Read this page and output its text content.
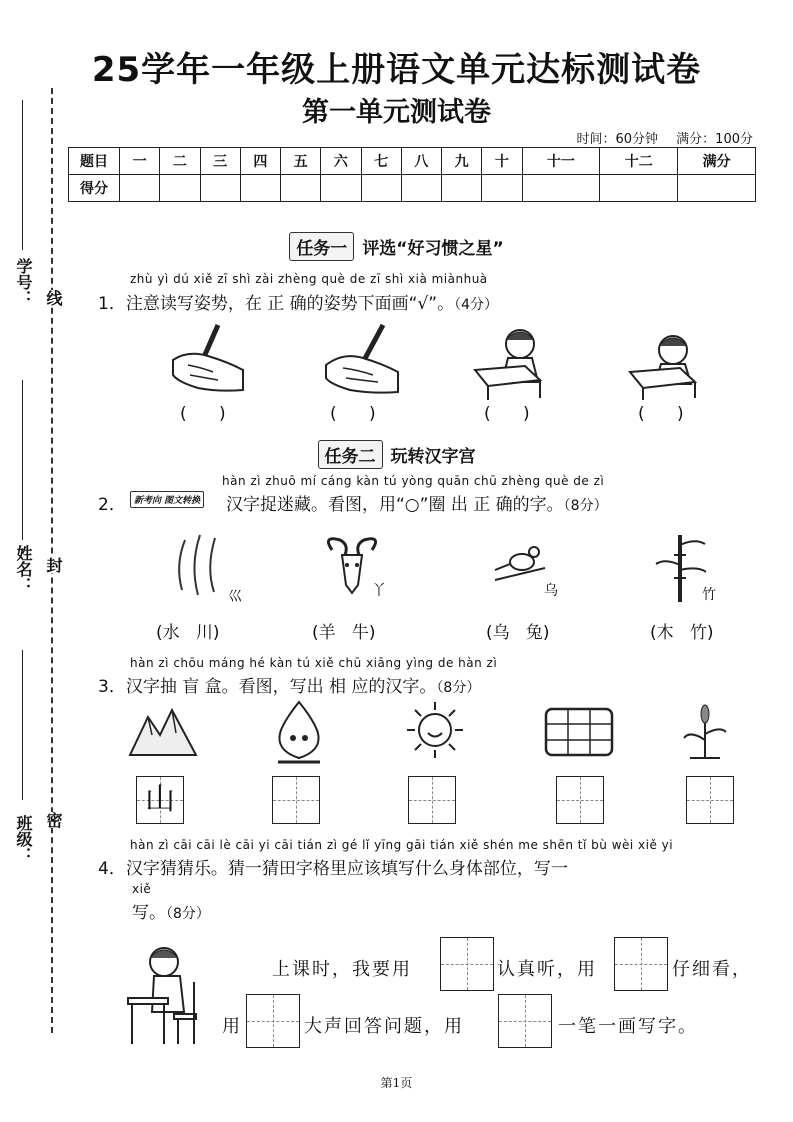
学号： 线
姓名： 封
班级： 密
25学年一年级上册语文单元达标测试卷
第一单元测试卷
时间：60分钟 满分：100分
题目	一	二	三	四	五	六	七	八	九	十	十一	十二	满分
得分													
任务一 评选“好习惯之星”
zhù yì dú xiě zī shì zài zhèng què de zī shì xià miànhuà
1．注意读写姿势，在 正 确的姿势下面画“√”。（4分）
(      )	(      )	(      )	(      )
任务二 玩转汉字宫
hàn zì zhuō mí cáng kàn tú yòng quān chū zhèng què de zì
2． 新考向 图文转换 汉字捉迷藏。看图，用“○”圈 出 正 确的字。（8分）
巛	丫	乌	竹
(水   川)	(羊   牛)	(乌   兔)	(木   竹)
hàn zì chōu máng hé kàn tú xiě chū xiāng yìng de hàn zì
3．汉字抽 盲 盒。看图，写出 相 应的汉字。（8分）
山
hàn zì cāi cāi lè cāi yi cāi tián zì gé lǐ yīng gāi tián xiě shén me shēn tǐ bù wèi xiě yi
4．汉字猜猜乐。猜一猜田字格里应该填写什么身体部位，写一
xiě
写。（8分）
上课时，我要用	认真听，用	仔细看，
用	大声回答问题，用	一笔一画写字。
第1页
